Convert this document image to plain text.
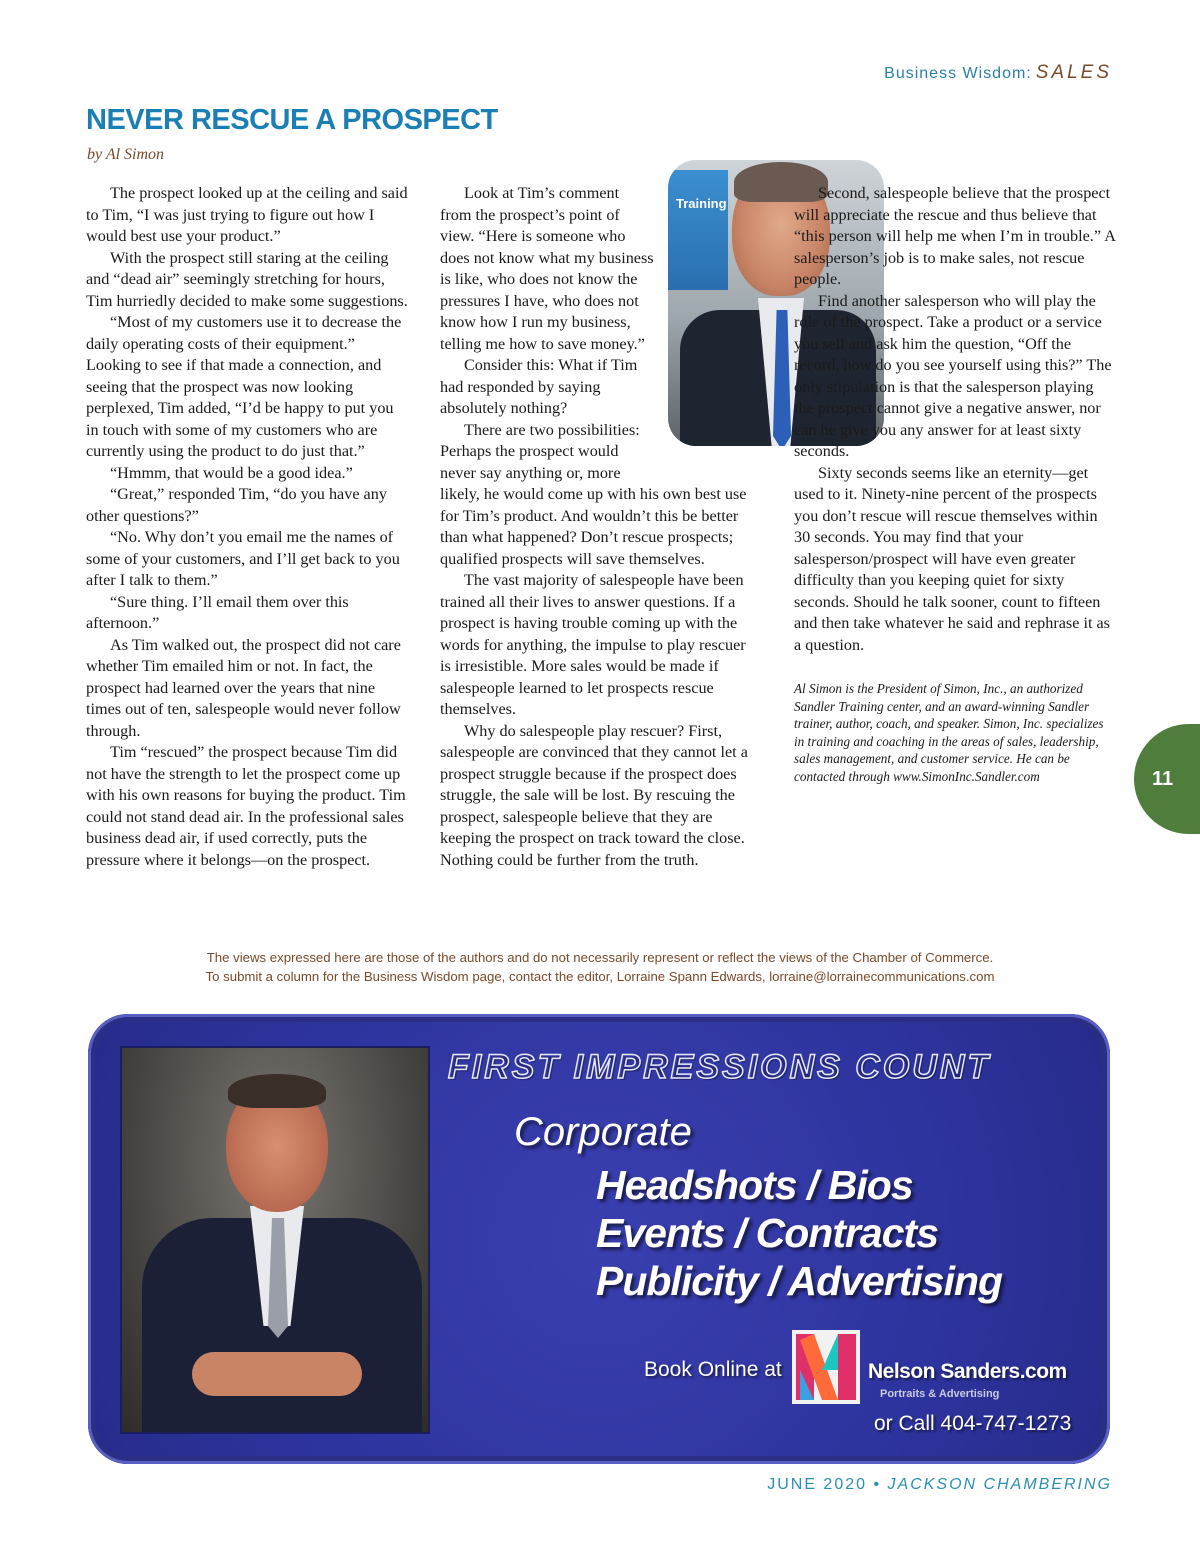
Business Wisdom: SALES
NEVER RESCUE A PROSPECT
by Al Simon
Training

The prospect looked up at the ceiling and said to Tim, “I was just trying to figure out how I would best use your product.”

With the prospect still staring at the ceiling and “dead air” seemingly stretching for hours, Tim hurriedly decided to make some suggestions.

“Most of my customers use it to decrease the daily operating costs of their equipment.” Looking to see if that made a connection, and seeing that the prospect was now looking perplexed, Tim added, “I’d be happy to put you in touch with some of my customers who are currently using the product to do just that.”

“Hmmm, that would be a good idea.”

“Great,” responded Tim, “do you have any other questions?”

“No. Why don’t you email me the names of some of your customers, and I’ll get back to you after I talk to them.”

“Sure thing. I’ll email them over this afternoon.”

As Tim walked out, the prospect did not care whether Tim emailed him or not. In fact, the prospect had learned over the years that nine times out of ten, salespeople would never follow through.

Tim “rescued” the prospect because Tim did not have the strength to let the prospect come up with his own reasons for buying the product. Tim could not stand dead air. In the professional sales business dead air, if used correctly, puts the pressure where it belongs—on the prospect.

Look at Tim’s comment from the prospect’s point of view. “Here is someone who does not know what my business is like, who does not know the pressures I have, who does not know how I run my business, telling me how to save money.”

Consider this: What if Tim had responded by saying absolutely nothing?

There are two possibilities: Perhaps the prospect would never say anything or, more likely, he would come up with his own best use for Tim’s product. And wouldn’t this be better than what happened? Don’t rescue prospects; qualified prospects will save themselves.

The vast majority of salespeople have been trained all their lives to answer questions. If a prospect is having trouble coming up with the words for anything, the impulse to play rescuer is irresistible. More sales would be made if salespeople learned to let prospects rescue themselves.

Why do salespeople play rescuer? First, salespeople are convinced that they cannot let a prospect struggle because if the prospect does struggle, the sale will be lost. By rescuing the prospect, salespeople believe that they are keeping the prospect on track toward the close. Nothing could be further from the truth.

Second, salespeople believe that the prospect will appreciate the rescue and thus believe that “this person will help me when I’m in trouble.” A salesperson’s job is to make sales, not rescue people.

Find another salesperson who will play the role of the prospect. Take a product or a service you sell and ask him the question, “Off the record, how do you see yourself using this?” The only stipulation is that the salesperson playing the prospect cannot give a negative answer, nor can he give you any answer for at least sixty seconds.

Sixty seconds seems like an eternity—get used to it. Ninety-nine percent of the prospects you don’t rescue will rescue themselves within 30 seconds. You may find that your salesperson/prospect will have even greater difficulty than you keeping quiet for sixty seconds. Should he talk sooner, count to fifteen and then take whatever he said and rephrase it as a question.

Al Simon is the President of Simon, Inc., an authorized Sandler Training center, and an award-winning Sandler trainer, author, coach, and speaker. Simon, Inc. specializes in training and coaching in the areas of sales, leadership, sales management, and customer service. He can be contacted through www.SimonInc.Sandler.com	11
The views expressed here are those of the authors and do not necessarily represent or reflect the views of the Chamber of Commerce.
To submit a column for the Business Wisdom page, contact the editor, Lorraine Spann Edwards, lorraine@lorrainecommunications.com
FIRST IMPRESSIONS COUNT
Corporate
Headshots / Bios
Events / Contracts
Publicity / Advertising
Book Online at	Nelson Sanders.com
Portraits & Advertising
or Call 404-747-1273
JUNE 2020 • JACKSON CHAMBERING
